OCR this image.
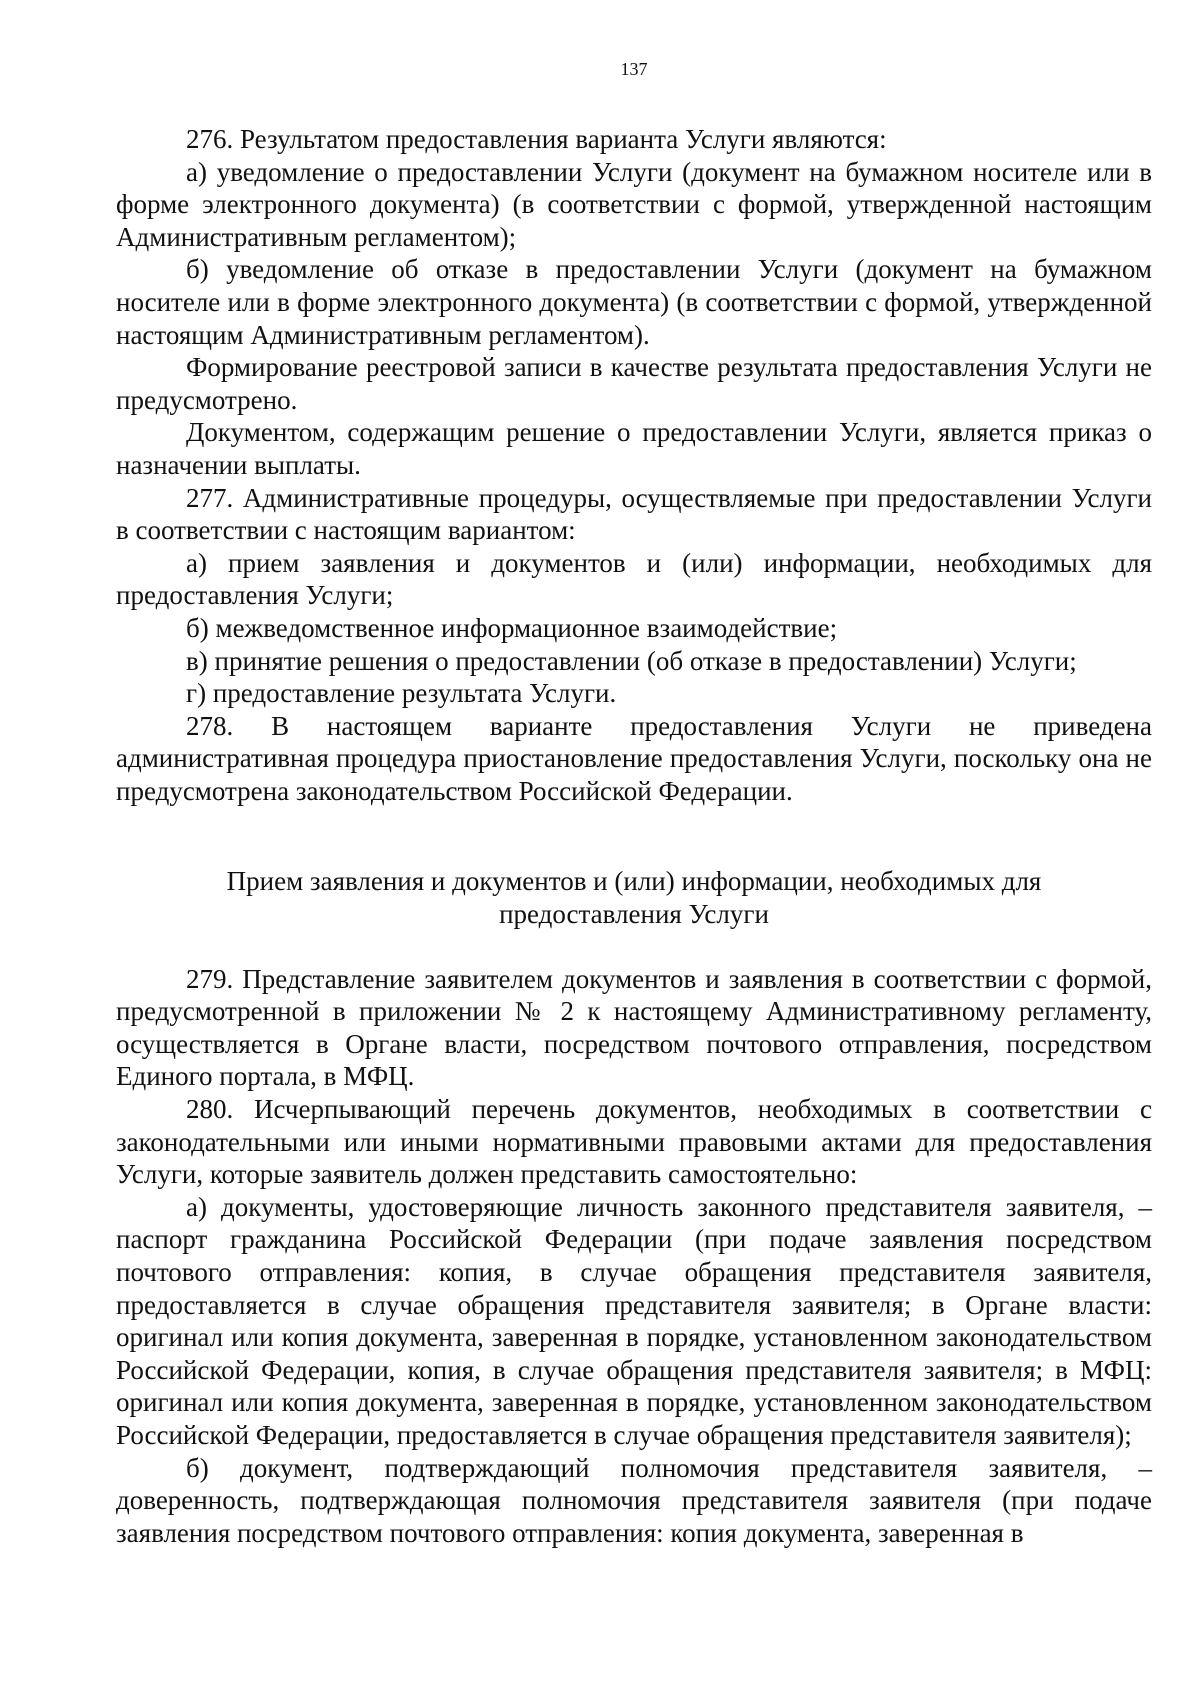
137

276. Результатом предоставления варианта Услуги являются:

а) уведомление о предоставлении Услуги (документ на бумажном носителе или в форме электронного документа) (в соответствии с формой, утвержденной настоящим Административным регламентом);

б) уведомление об отказе в предоставлении Услуги (документ на бумажном носителе или в форме электронного документа) (в соответствии с формой, утвержденной настоящим Административным регламентом).

Формирование реестровой записи в качестве результата предоставления Услуги не предусмотрено.

Документом, содержащим решение о предоставлении Услуги, является приказ о назначении выплаты.

277. Административные процедуры, осуществляемые при предоставлении Услуги в соответствии с настоящим вариантом:

а) прием заявления и документов и (или) информации, необходимых для предоставления Услуги;

б) межведомственное информационное взаимодействие;

в) принятие решения о предоставлении (об отказе в предоставлении) Услуги;

г) предоставление результата Услуги.

278. В настоящем варианте предоставления Услуги не приведена административная процедура приостановление предоставления Услуги, поскольку она не предусмотрена законодательством Российской Федерации.

Прием заявления и документов и (или) информации, необходимых для предоставления Услуги

279. Представление заявителем документов и заявления в соответствии с формой, предусмотренной в приложении № 2 к настоящему Административному регламенту, осуществляется в Органе власти, посредством почтового отправления, посредством Единого портала, в МФЦ.

280. Исчерпывающий перечень документов, необходимых в соответствии с законодательными или иными нормативными правовыми актами для предоставления Услуги, которые заявитель должен представить самостоятельно:

а) документы, удостоверяющие личность законного представителя заявителя, – паспорт гражданина Российской Федерации (при подаче заявления посредством почтового отправления: копия, в случае обращения представителя заявителя, предоставляется в случае обращения представителя заявителя; в Органе власти: оригинал или копия документа, заверенная в порядке, установленном законодательством Российской Федерации, копия, в случае обращения представителя заявителя; в МФЦ: оригинал или копия документа, заверенная в порядке, установленном законодательством Российской Федерации, предоставляется в случае обращения представителя заявителя);

б) документ, подтверждающий полномочия представителя заявителя, – доверенность, подтверждающая полномочия представителя заявителя (при подаче заявления посредством почтового отправления: копия документа, заверенная в
